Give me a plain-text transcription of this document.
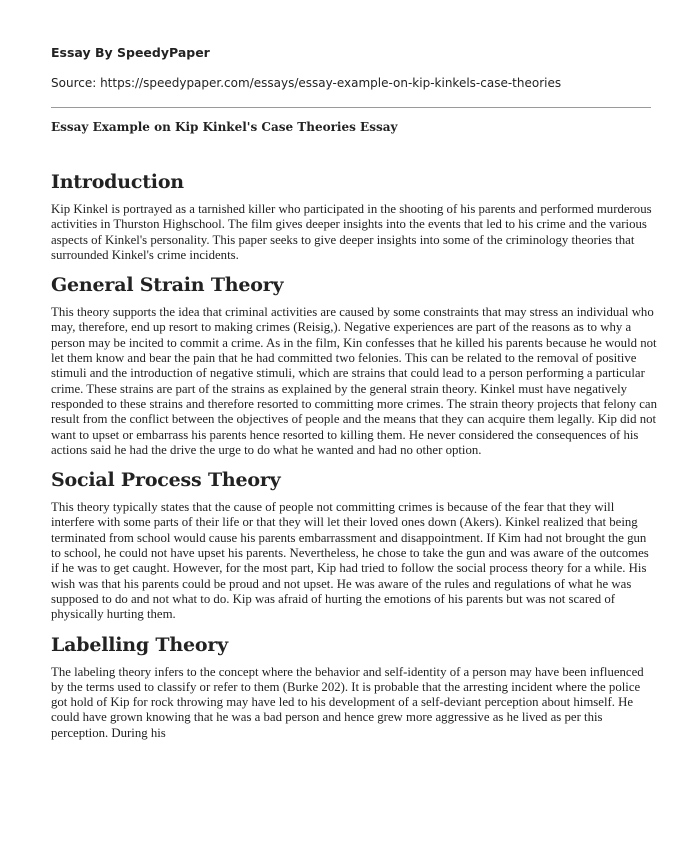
Essay By SpeedyPaper
Source: https://speedypaper.com/essays/essay-example-on-kip-kinkels-case-theories
Essay Example on Kip Kinkel's Case Theories Essay
Introduction

Kip Kinkel is portrayed as a tarnished killer who participated in the shooting of his parents and performed murderous activities in Thurston Highschool. The film gives deeper insights into the events that led to his crime and the various aspects of Kinkel's personality. This paper seeks to give deeper insights into some of the criminology theories that surrounded Kinkel's crime incidents.

General Strain Theory

This theory supports the idea that criminal activities are caused by some constraints that may stress an individual who may, therefore, end up resort to making crimes (Reisig,). Negative experiences are part of the reasons as to why a person may be incited to commit a crime. As in the film, Kin confesses that he killed his parents because he would not let them know and bear the pain that he had committed two felonies. This can be related to the removal of positive stimuli and the introduction of negative stimuli, which are strains that could lead to a person performing a particular crime. These strains are part of the strains as explained by the general strain theory. Kinkel must have negatively responded to these strains and therefore resorted to committing more crimes. The strain theory projects that felony can result from the conflict between the objectives of people and the means that they can acquire them legally. Kip did not want to upset or embarrass his parents hence resorted to killing them. He never considered the consequences of his actions said he had the drive the urge to do what he wanted and had no other option.

Social Process Theory

This theory typically states that the cause of people not committing crimes is because of the fear that they will interfere with some parts of their life or that they will let their loved ones down (Akers). Kinkel realized that being terminated from school would cause his parents embarrassment and disappointment. If Kim had not brought the gun to school, he could not have upset his parents. Nevertheless, he chose to take the gun and was aware of the outcomes if he was to get caught. However, for the most part, Kip had tried to follow the social process theory for a while. His wish was that his parents could be proud and not upset. He was aware of the rules and regulations of what he was supposed to do and not what to do. Kip was afraid of hurting the emotions of his parents but was not scared of physically hurting them.

Labelling Theory

The labeling theory infers to the concept where the behavior and self-identity of a person may have been influenced by the terms used to classify or refer to them (Burke 202). It is probable that the arresting incident where the police got hold of Kip for rock throwing may have led to his development of a self-deviant perception about himself. He could have grown knowing that he was a bad person and hence grew more aggressive as he lived as per this perception. During his
